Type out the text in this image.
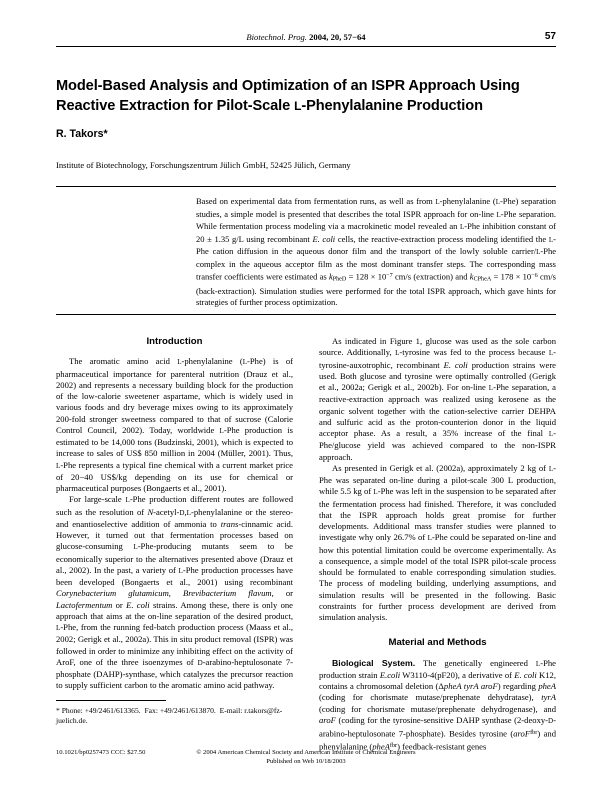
Biotechnol. Prog. 2004, 20, 57−64	57
Model-Based Analysis and Optimization of an ISPR Approach Using
Reactive Extraction for Pilot-Scale L-Phenylalanine Production
R. Takors*
Institute of Biotechnology, Forschungszentrum Jülich GmbH, 52425 Jülich, Germany
Based on experimental data from fermentation runs, as well as from L-phenylalanine (L-Phe) separation studies, a simple model is presented that describes the total ISPR approach for on-line L-Phe separation. While fermentation process modeling via a macrokinetic model revealed an L-Phe inhibition constant of 20 ± 1.35 g/L using recombinant E. coli cells, the reactive-extraction process modeling identified the L-Phe cation diffusion in the aqueous donor film and the transport of the lowly soluble carrier/L-Phe complex in the aqueous acceptor film as the most dominant transfer steps. The corresponding mass transfer coefficients were estimated as $k_{PheD} = 128 \times 10^{-7}$ cm/s (extraction) and $k_{CPheA} = 178 \times 10^{-6}$ cm/s (back-extraction). Simulation studies were performed for the total ISPR approach, which gave hints for strategies of further process optimization.
Introduction

The aromatic amino acid L-phenylalanine (L-Phe) is of pharmaceutical importance for parenteral nutrition (Drauz et al., 2002) and represents a necessary building block for the production of the low-calorie sweetener aspartame, which is widely used in various foods and dry beverage mixes owing to its approximately 200-fold stronger sweetness compared to that of sucrose (Calorie Control Council, 2002). Today, worldwide L-Phe production is estimated to be 14,000 tons (Budzinski, 2001), which is expected to increase to sales of US$ 850 million in 2004 (Müller, 2001). Thus, L-Phe represents a typical fine chemical with a current market price of 20−40 US$/kg depending on its use for chemical or pharmaceutical purposes (Bongaerts et al., 2001).

For large-scale L-Phe production different routes are followed such as the resolution of N-acetyl-D,L-phenylalanine or the stereo- and enantioselective addition of ammonia to trans-cinnamic acid. However, it turned out that fermentation processes based on glucose-consuming L-Phe-producing mutants seem to be economically superior to the alternatives presented above (Drauz et al., 2002). In the past, a variety of L-Phe production processes have been developed (Bongaerts et al., 2001) using recombinant Corynebacterium glutamicum, Brevibacterium flavum, or Lactofermentum or E. coli strains. Among these, there is only one approach that aims at the on-line separation of the desired product, L-Phe, from the running fed-batch production process (Maass et al., 2002; Gerigk et al., 2002a). This in situ product removal (ISPR) was followed in order to minimize any inhibiting effect on the activity of AroF, one of the three isoenzymes of D-arabino-heptulosonate 7-phosphate (DAHP)-synthase, which catalyzes the precursor reaction to supply sufficient carbon to the aromatic amino acid pathway.

As indicated in Figure 1, glucose was used as the sole carbon source. Additionally, L-tyrosine was fed to the process because L-tyrosine-auxotrophic, recombinant E. coli production strains were used. Both glucose and tyrosine were optimally controlled (Gerigk et al., 2002a; Gerigk et al., 2002b). For on-line L-Phe separation, a reactive-extraction approach was realized using kerosene as the organic solvent together with the cation-selective carrier DEHPA and sulfuric acid as the proton-counterion donor in the liquid acceptor phase. As a result, a 35% increase of the final L-Phe/glucose yield was achieved compared to the non-ISPR approach.

As presented in Gerigk et al. (2002a), approximately 2 kg of L-Phe was separated on-line during a pilot-scale 300 L production, while 5.5 kg of L-Phe was left in the suspension to be separated after the fermentation process had finished. Therefore, it was concluded that the ISPR approach holds great promise for further developments. Additional mass transfer studies were planned to investigate why only 26.7% of L-Phe could be separated on-line and how this potential limitation could be overcome experimentally. As a consequence, a simple model of the total ISPR pilot-scale process should be formulated to enable corresponding simulation studies. The process of modeling building, underlying assumptions, and simulation results will be presented in the following. Basic constraints for further process development are derived from simulation analysis.

Material and Methods

Biological System. The genetically engineered L-Phe production strain E.coli W3110-4(pF20), a derivative of E. coli K12, contains a chromosomal deletion (ΔpheA tyrA aroF) regarding pheA (coding for chorismate mutase/prephenate dehydratase), tyrA (coding for chorismate mutase/prephenate dehydrogenase), and aroF (coding for the tyrosine-sensitive DAHP synthase (2-deoxy-D-arabino-heptulosonate 7-phosphate). Besides tyrosine (aroF$^{fbr}$) and phenylalanine (pheA$^{fbr}$) feedback-resistant genes

* Phone: +49/2461/613365.  Fax: +49/2461/613870.  E-mail: r.takors@fz-juelich.de.
10.1021/bp0257473 CCC: $27.50	© 2004 American Chemical Society and American Institute of Chemical Engineers
Published on Web 10/18/2003
